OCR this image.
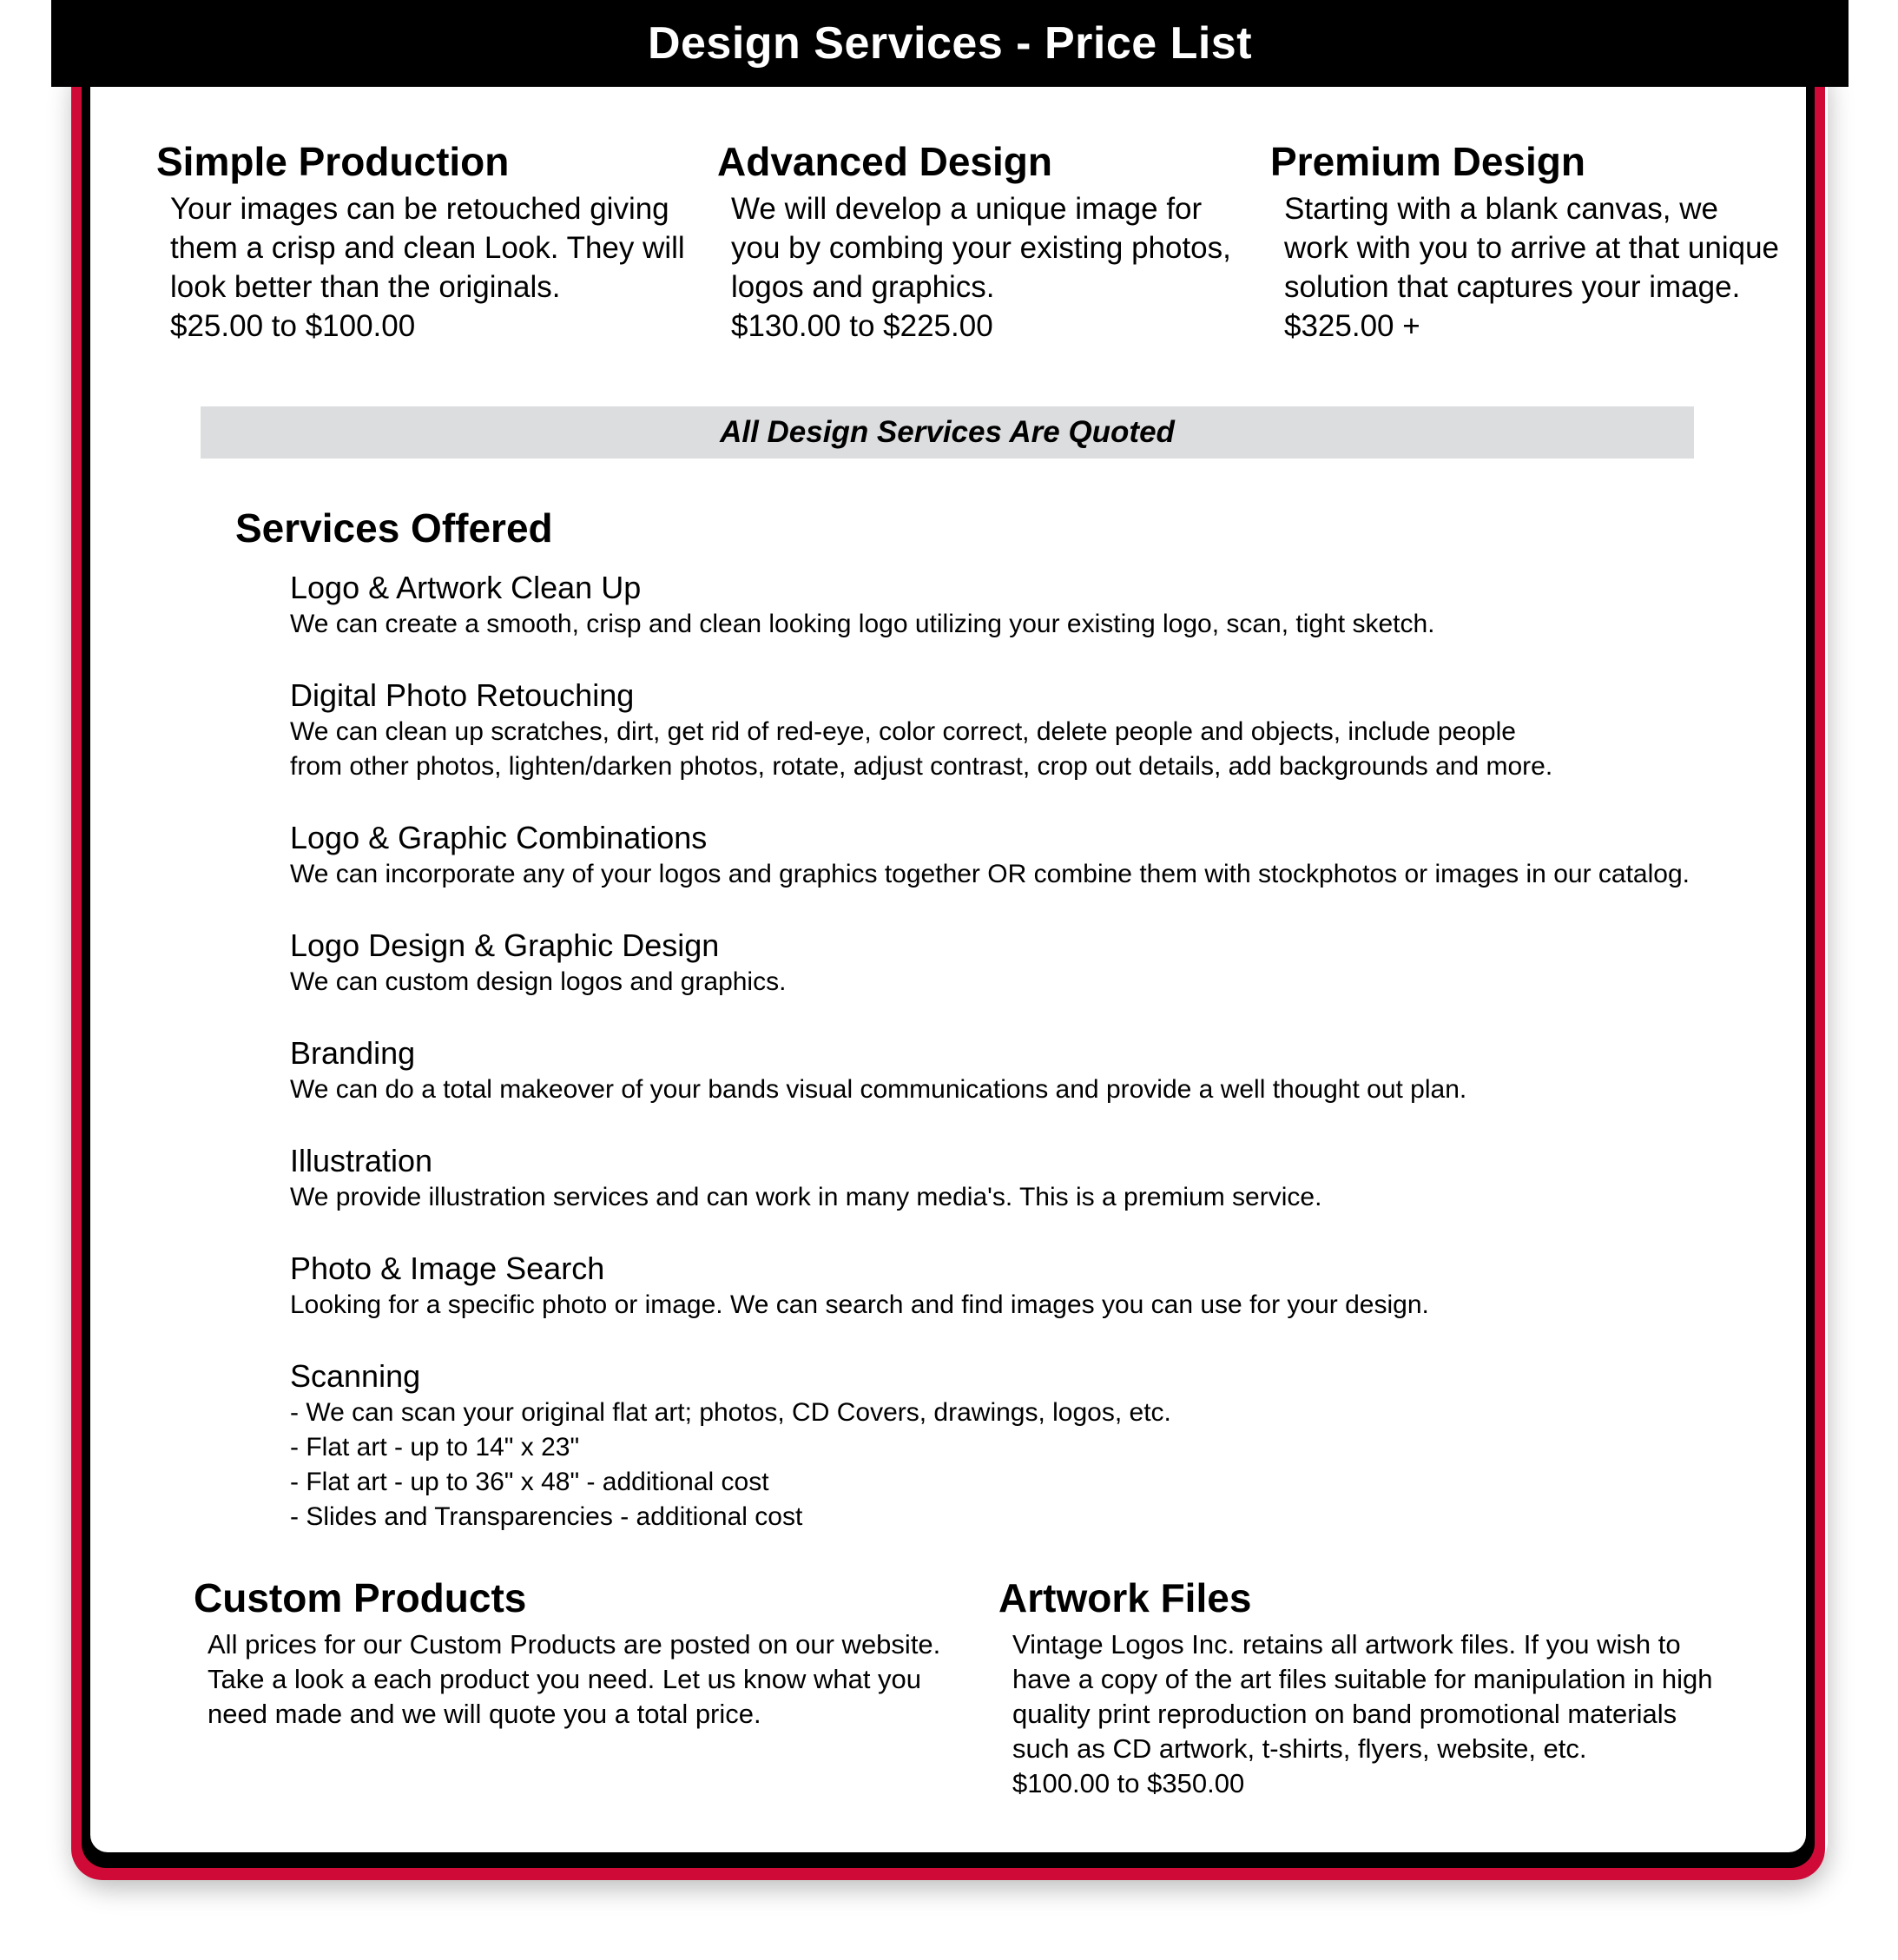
Design Services - Price List
Simple Production
Your images can be retouched giving
them a crisp and clean Look. They will
look better than the originals.
$25.00 to $100.00
Advanced Design
We will develop a unique image for
you by combing your existing photos,
logos and graphics.
$130.00 to $225.00
Premium Design
Starting with a blank canvas, we
work with you to arrive at that unique
solution that captures your image.
$325.00 +
All Design Services Are Quoted
Services Offered
Logo & Artwork Clean Up
We can create a smooth, crisp and clean looking logo utilizing your existing logo, scan, tight sketch.
Digital Photo Retouching
We can clean up scratches, dirt, get rid of red-eye, color correct, delete people and objects, include people
from other photos, lighten/darken photos, rotate, adjust contrast, crop out details, add backgrounds and more.
Logo & Graphic Combinations
We can incorporate any of your logos and graphics together OR combine them with stockphotos or images in our catalog.
Logo Design & Graphic Design
We can custom design logos and graphics.
Branding
We can do a total makeover of your bands visual communications and provide a well thought out plan.
Illustration
We provide illustration services and can work in many media's. This is a premium service.
Photo & Image Search
Looking for a specific photo or image. We can search and find images you can use for your design.
Scanning
- We can scan your original flat art; photos, CD Covers, drawings, logos, etc.
- Flat art - up to 14" x 23"
- Flat art - up to 36" x 48" - additional cost
- Slides and Transparencies - additional cost
Custom Products
All prices for our Custom Products are posted on our website.
Take a look a each product you need. Let us know what you
need made and we will quote you a total price.
Artwork Files
Vintage Logos Inc. retains all artwork files. If you wish to
have a copy of the art files suitable for manipulation in high
quality print reproduction on band promotional materials
such as CD artwork, t-shirts, flyers, website, etc.
$100.00 to $350.00
